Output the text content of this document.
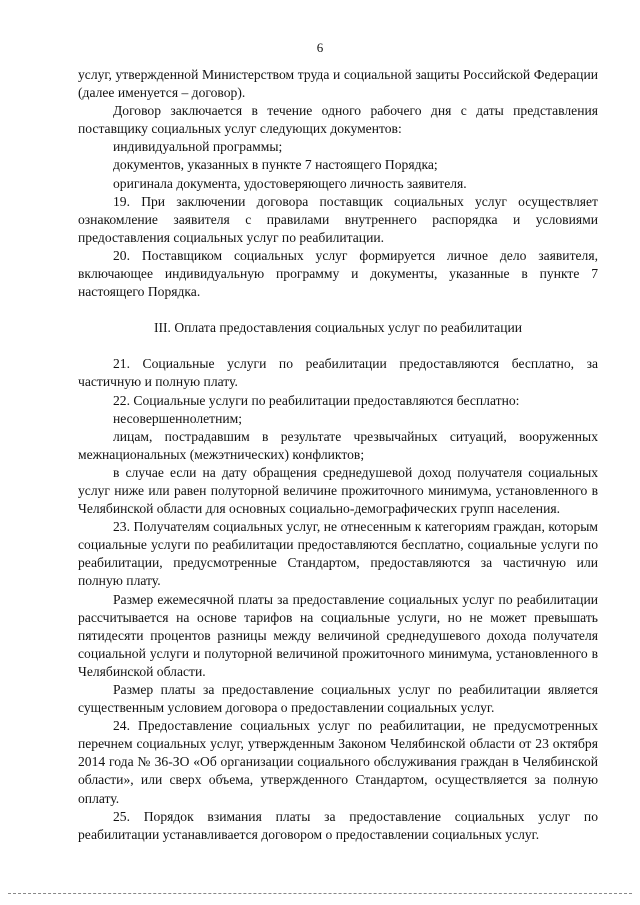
6

услуг, утвержденной Министерством труда и социальной защиты Российской Федерации (далее именуется – договор).

Договор заключается в течение одного рабочего дня с даты представления поставщику социальных услуг следующих документов:

индивидуальной программы;

документов, указанных в пункте 7 настоящего Порядка;

оригинала документа, удостоверяющего личность заявителя.

19. При заключении договора поставщик социальных услуг осуществляет ознакомление заявителя с правилами внутреннего распорядка и условиями предоставления социальных услуг по реабилитации.

20. Поставщиком социальных услуг формируется личное дело заявителя, включающее индивидуальную программу и документы, указанные в пункте 7 настоящего Порядка.

III. Оплата предоставления социальных услуг по реабилитации

21. Социальные услуги по реабилитации предоставляются бесплатно, за частичную и полную плату.

22. Социальные услуги по реабилитации предоставляются бесплатно:

несовершеннолетним;

лицам, пострадавшим в результате чрезвычайных ситуаций, вооруженных межнациональных (межэтнических) конфликтов;

в случае если на дату обращения среднедушевой доход получателя социальных услуг ниже или равен полуторной величине прожиточного минимума, установленного в Челябинской области для основных социально-демографических групп населения.

23. Получателям социальных услуг, не отнесенным к категориям граждан, которым социальные услуги по реабилитации предоставляются бесплатно, социальные услуги по реабилитации, предусмотренные Стандартом, предоставляются за частичную или полную плату.

Размер ежемесячной платы за предоставление социальных услуг по реабилитации рассчитывается на основе тарифов на социальные услуги, но не может превышать пятидесяти процентов разницы между величиной среднедушевого дохода получателя социальной услуги и полуторной величиной прожиточного минимума, установленного в Челябинской области.

Размер платы за предоставление социальных услуг по реабилитации является существенным условием договора о предоставлении социальных услуг.

24. Предоставление социальных услуг по реабилитации, не предусмотренных перечнем социальных услуг, утвержденным Законом Челябинской области от 23 октября 2014 года № 36-ЗО «Об организации социального обслуживания граждан в Челябинской области», или сверх объема, утвержденного Стандартом, осуществляется за полную оплату.

25. Порядок взимания платы за предоставление социальных услуг по реабилитации устанавливается договором о предоставлении социальных услуг.
